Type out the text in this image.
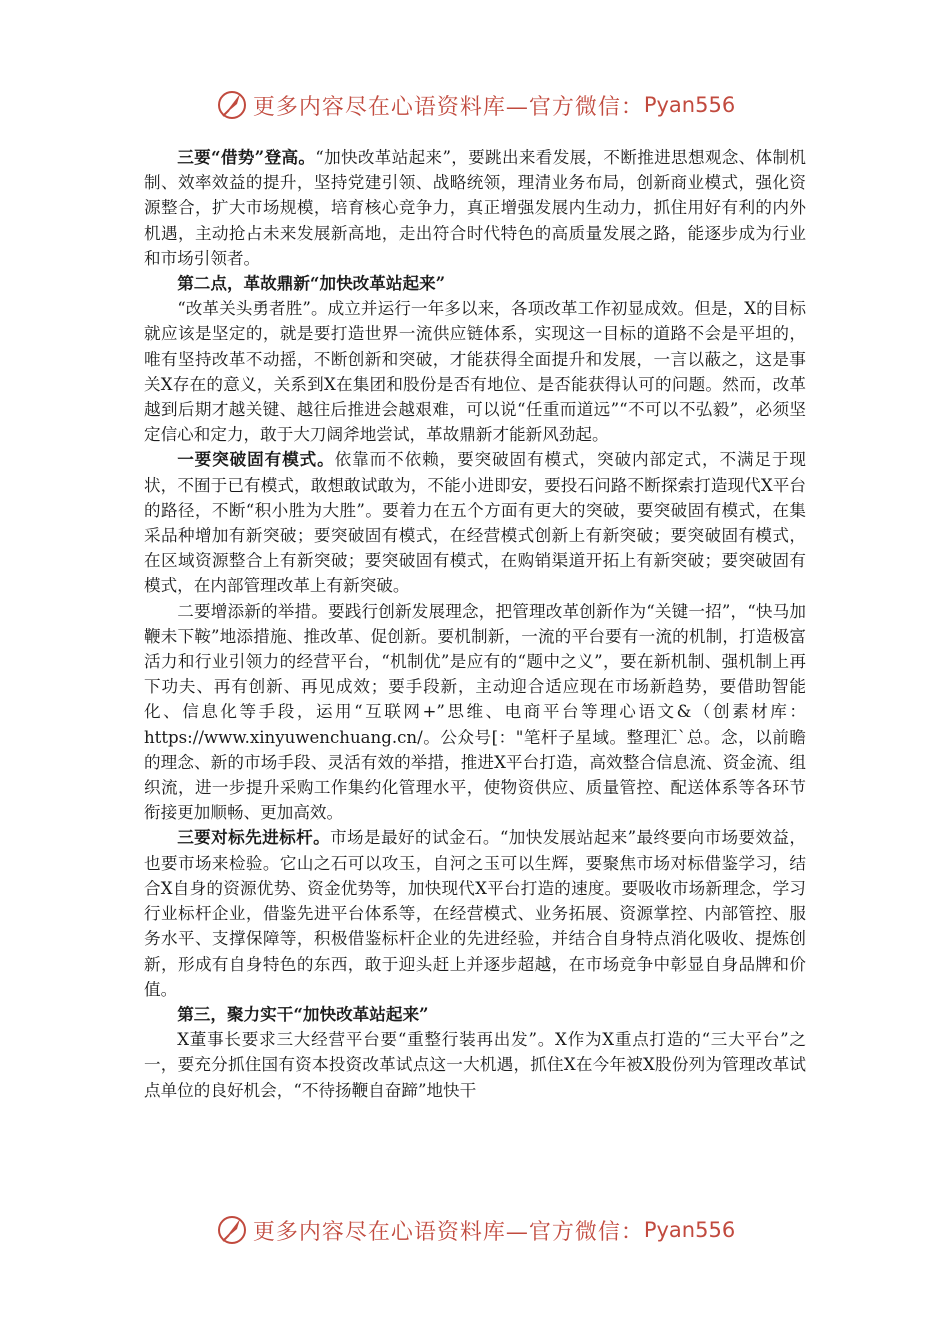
更多内容尽在心语资料库—官方微信： Pyan556

三要“借势”登高。“加快改革站起来”，要跳出来看发展，不断推进思想观念、体制机制、效率效益的提升，坚持党建引领、战略统领，理清业务布局，创新商业模式，强化资源整合，扩大市场规模，培育核心竞争力，真正增强发展内生动力，抓住用好有利的内外机遇，主动抢占未来发展新高地，走出符合时代特色的高质量发展之路，能逐步成为行业和市场引领者。

第二点，革故鼎新“加快改革站起来”

“改革关头勇者胜”。成立并运行一年多以来，各项改革工作初显成效。但是，X的目标就应该是坚定的，就是要打造世界一流供应链体系，实现这一目标的道路不会是平坦的，唯有坚持改革不动摇，不断创新和突破，才能获得全面提升和发展，一言以蔽之，这是事关X存在的意义，关系到X在集团和股份是否有地位、是否能获得认可的问题。然而，改革越到后期才越关键、越往后推进会越艰难，可以说“任重而道远”“不可以不弘毅”，必须坚定信心和定力，敢于大刀阔斧地尝试，革故鼎新才能新风劲起。

一要突破固有模式。依靠而不依赖，要突破固有模式，突破内部定式，不满足于现状，不囿于已有模式，敢想敢试敢为，不能小进即安，要投石问路不断探索打造现代X平台的路径，不断“积小胜为大胜”。要着力在五个方面有更大的突破，要突破固有模式，在集采品种增加有新突破；要突破固有模式，在经营模式创新上有新突破；要突破固有模式，在区域资源整合上有新突破；要突破固有模式，在购销渠道开拓上有新突破；要突破固有模式，在内部管理改革上有新突破。

二要增添新的举措。要践行创新发展理念，把管理改革创新作为“关键一招”，“快马加鞭未下鞍”地添措施、推改革、促创新。要机制新，一流的平台要有一流的机制，打造极富活力和行业引领力的经营平台，“机制优”是应有的“题中之义”，要在新机制、强机制上再下功夫、再有创新、再见成效；要手段新，主动迎合适应现在市场新趋势，要借助智能化、信息化等手段，运用“互联网+”思维、电商平台等理心语文&（创素材库：https://www.xinyuwenchuang.cn/。公众号[："笔杆子星域。整理汇`总。念，以前瞻的理念、新的市场手段、灵活有效的举措，推进X平台打造，高效整合信息流、资金流、组织流，进一步提升采购工作集约化管理水平，使物资供应、质量管控、配送体系等各环节衔接更加顺畅、更加高效。

三要对标先进标杆。市场是最好的试金石。“加快发展站起来”最终要向市场要效益，也要市场来检验。它山之石可以攻玉，自河之玉可以生辉，要聚焦市场对标借鉴学习，结合X自身的资源优势、资金优势等，加快现代X平台打造的速度。要吸收市场新理念，学习行业标杆企业，借鉴先进平台体系等，在经营模式、业务拓展、资源掌控、内部管控、服务水平、支撑保障等，积极借鉴标杆企业的先进经验，并结合自身特点消化吸收、提炼创新，形成有自身特色的东西，敢于迎头赶上并逐步超越，在市场竞争中彰显自身品牌和价值。

第三，聚力实干“加快改革站起来”

X董事长要求三大经营平台要“重整行装再出发”。X作为X重点打造的“三大平台”之一，要充分抓住国有资本投资改革试点这一大机遇，抓住X在今年被X股份列为管理改革试点单位的良好机会，“不待扬鞭自奋蹄”地快干

更多内容尽在心语资料库—官方微信： Pyan556
